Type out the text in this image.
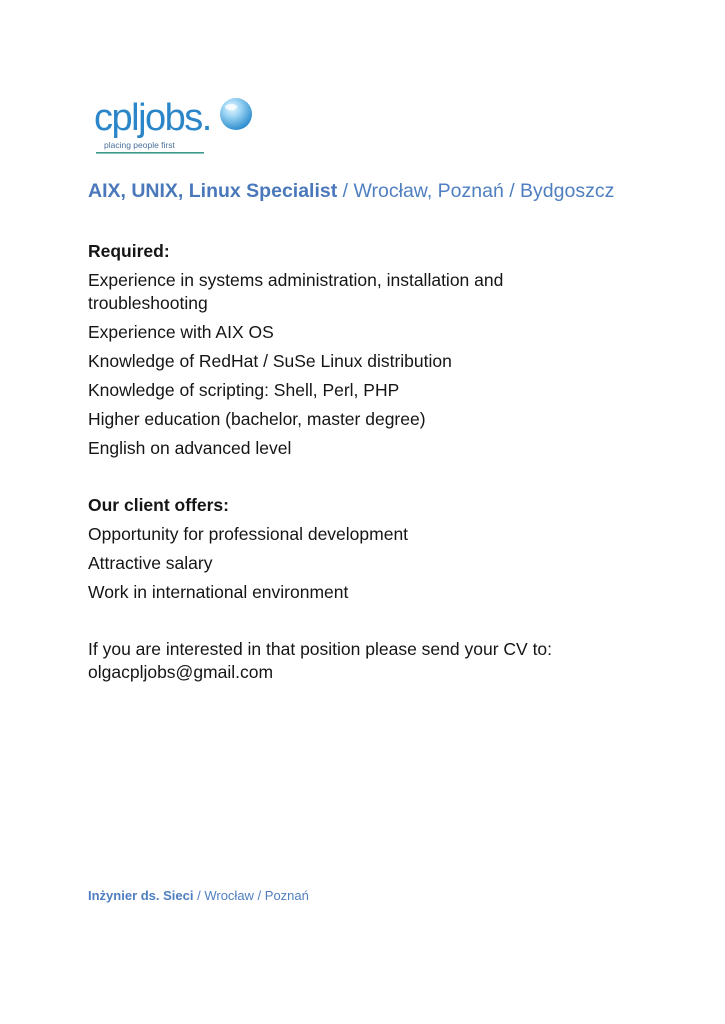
cpljobs.
placing people first
AIX, UNIX, Linux Specialist / Wrocław, Poznań / Bydgoszcz
Required:
Experience in systems administration, installation and troubleshooting
Experience with AIX OS
Knowledge of RedHat / SuSe Linux distribution
Knowledge of scripting: Shell, Perl, PHP
Higher education (bachelor, master degree)
English on advanced level
Our client offers:
Opportunity for professional development
Attractive salary
Work in international environment

If you are interested in that position please send your CV to:

olgacpljobs@gmail.com

Inżynier ds. Sieci / Wrocław / Poznań
